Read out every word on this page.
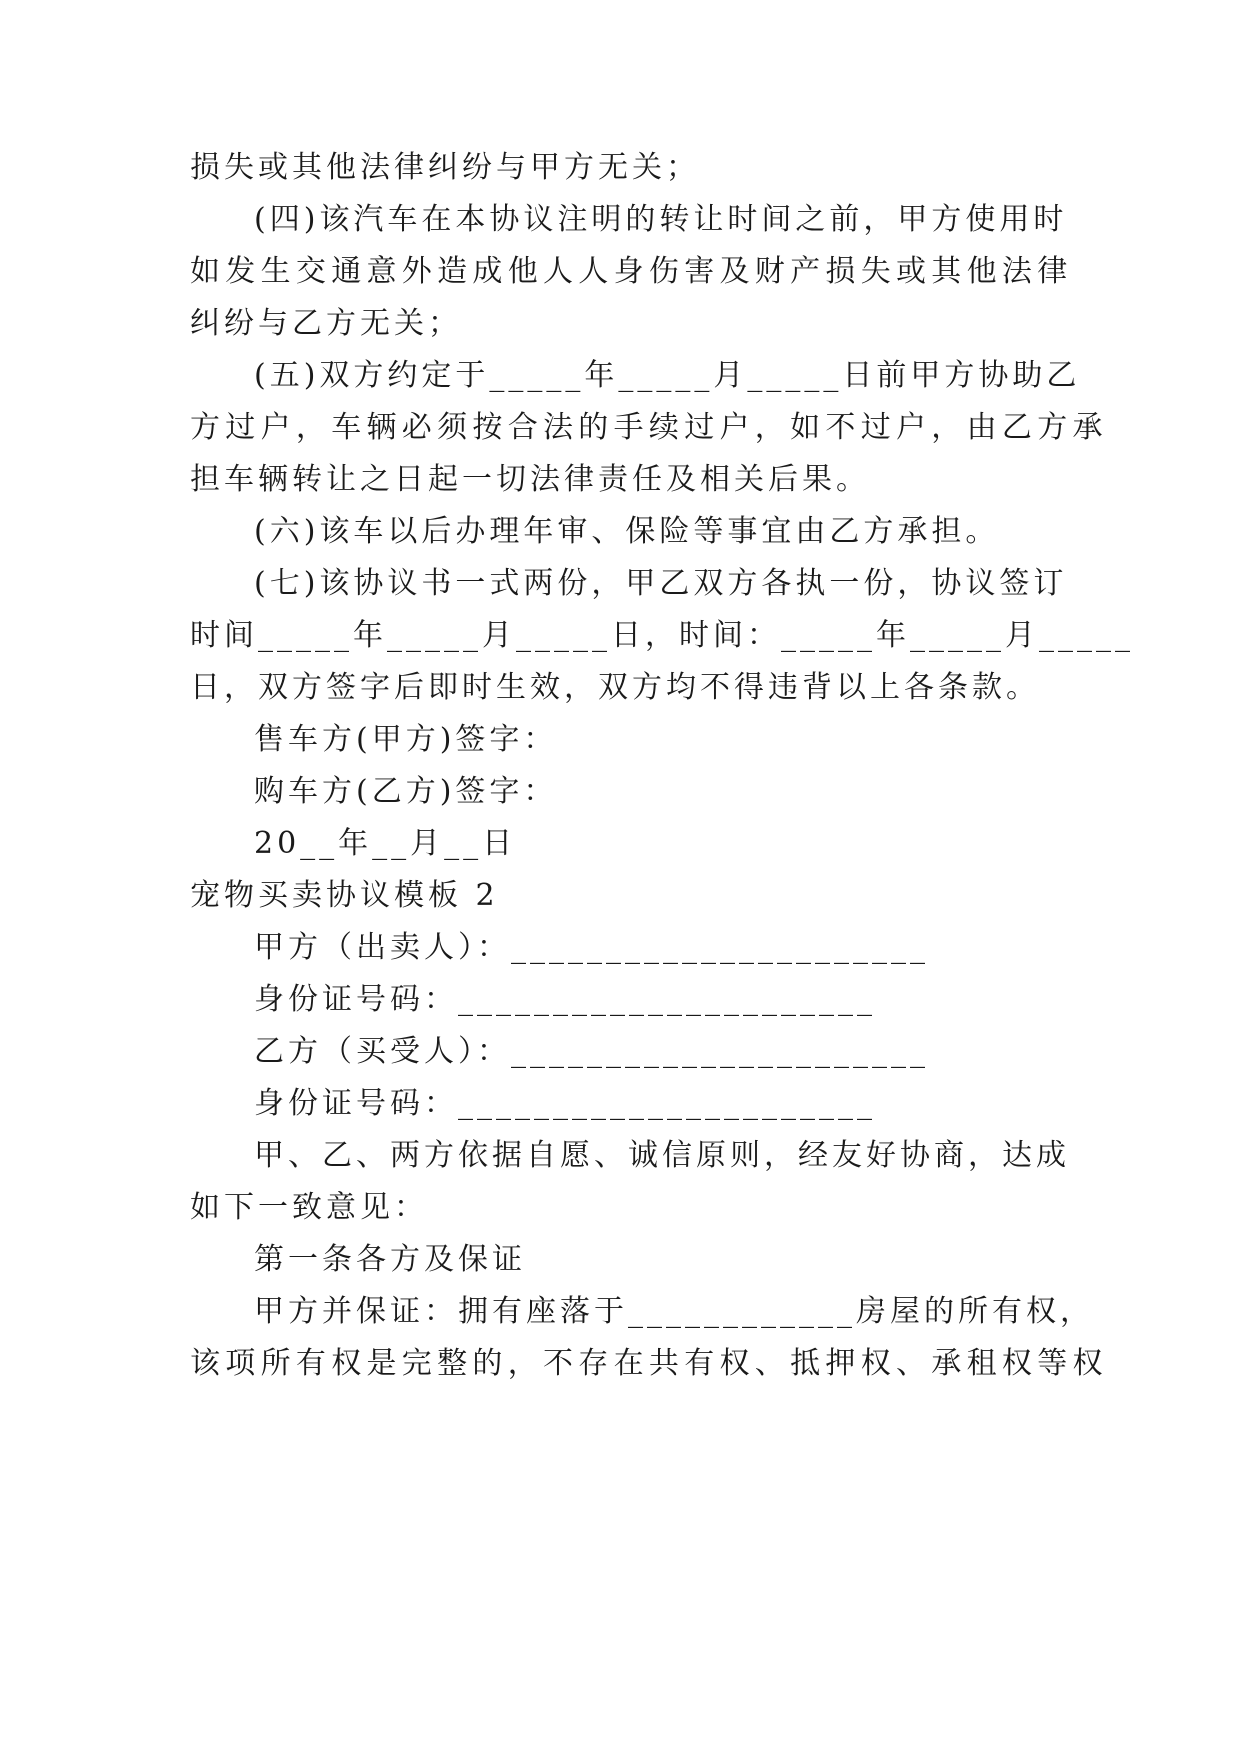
损失或其他法律纠纷与甲方无关；
(四)该汽车在本协议注明的转让时间之前，甲方使用时
如发生交通意外造成他人人身伤害及财产损失或其他法律
纠纷与乙方无关；
(五)双方约定于_____年_____月_____日前甲方协助乙
方过户，车辆必须按合法的手续过户，如不过户，由乙方承
担车辆转让之日起一切法律责任及相关后果。
(六)该车以后办理年审、保险等事宜由乙方承担。
(七)该协议书一式两份，甲乙双方各执一份，协议签订
时间_____年_____月_____日，时间：_____年_____月_____
日，双方签字后即时生效，双方均不得违背以上各条款。
售车方(甲方)签字：
购车方(乙方)签字：
20__年__月__日
宠物买卖协议模板 2
甲方（出卖人）：______________________
身份证号码：______________________
乙方（买受人）：______________________
身份证号码：______________________
甲、乙、两方依据自愿、诚信原则，经友好协商，达成
如下一致意见：
第一条各方及保证
甲方并保证：拥有座落于____________房屋的所有权，
该项所有权是完整的，不存在共有权、抵押权、承租权等权
